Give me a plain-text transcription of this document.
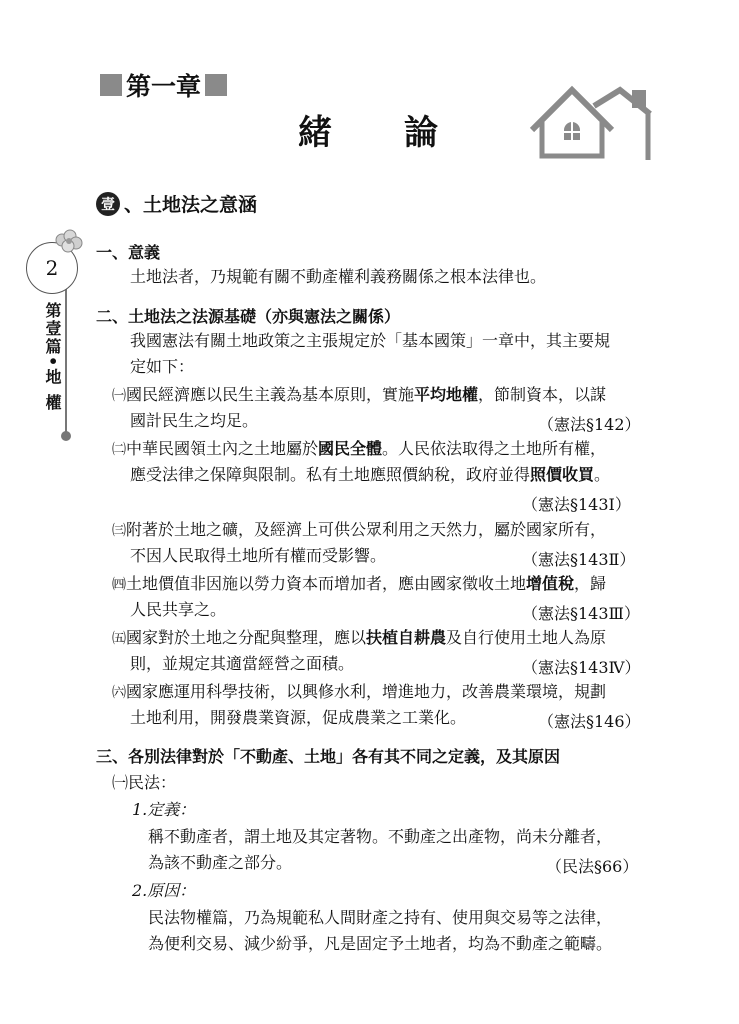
第一章
緒論
壹 、土地法之意涵
2
第壹篇•地 權
一、意義
土地法者，乃規範有關不動產權利義務關係之根本法律也。
二、土地法之法源基礎（亦與憲法之關係）
我國憲法有關土地政策之主張規定於「基本國策」一章中，其主要規
定如下：
㈠國民經濟應以民生主義為基本原則，實施平均地權，節制資本，以謀
國計民生之均足。	（憲法§142）
㈡中華民國領土內之土地屬於國民全體。人民依法取得之土地所有權，
應受法律之保障與限制。私有土地應照價納稅，政府並得照價收買。
（憲法§143Ⅰ）
㈢附著於土地之礦，及經濟上可供公眾利用之天然力，屬於國家所有，
不因人民取得土地所有權而受影響。	（憲法§143Ⅱ）
㈣土地價值非因施以勞力資本而增加者，應由國家徵收土地增值稅，歸
人民共享之。	（憲法§143Ⅲ）
㈤國家對於土地之分配與整理，應以扶植自耕農及自行使用土地人為原
則，並規定其適當經營之面積。	（憲法§143Ⅳ）
㈥國家應運用科學技術，以興修水利，增進地力，改善農業環境，規劃
土地利用，開發農業資源，促成農業之工業化。	（憲法§146）
三、各別法律對於「不動產、土地」各有其不同之定義，及其原因
㈠民法：
1.定義：
稱不動產者，謂土地及其定著物。不動產之出產物，尚未分離者，
為該不動產之部分。	（民法§66）
2.原因：
民法物權篇，乃為規範私人間財產之持有、使用與交易等之法律，
為便利交易、減少紛爭，凡是固定予土地者，均為不動產之範疇。
